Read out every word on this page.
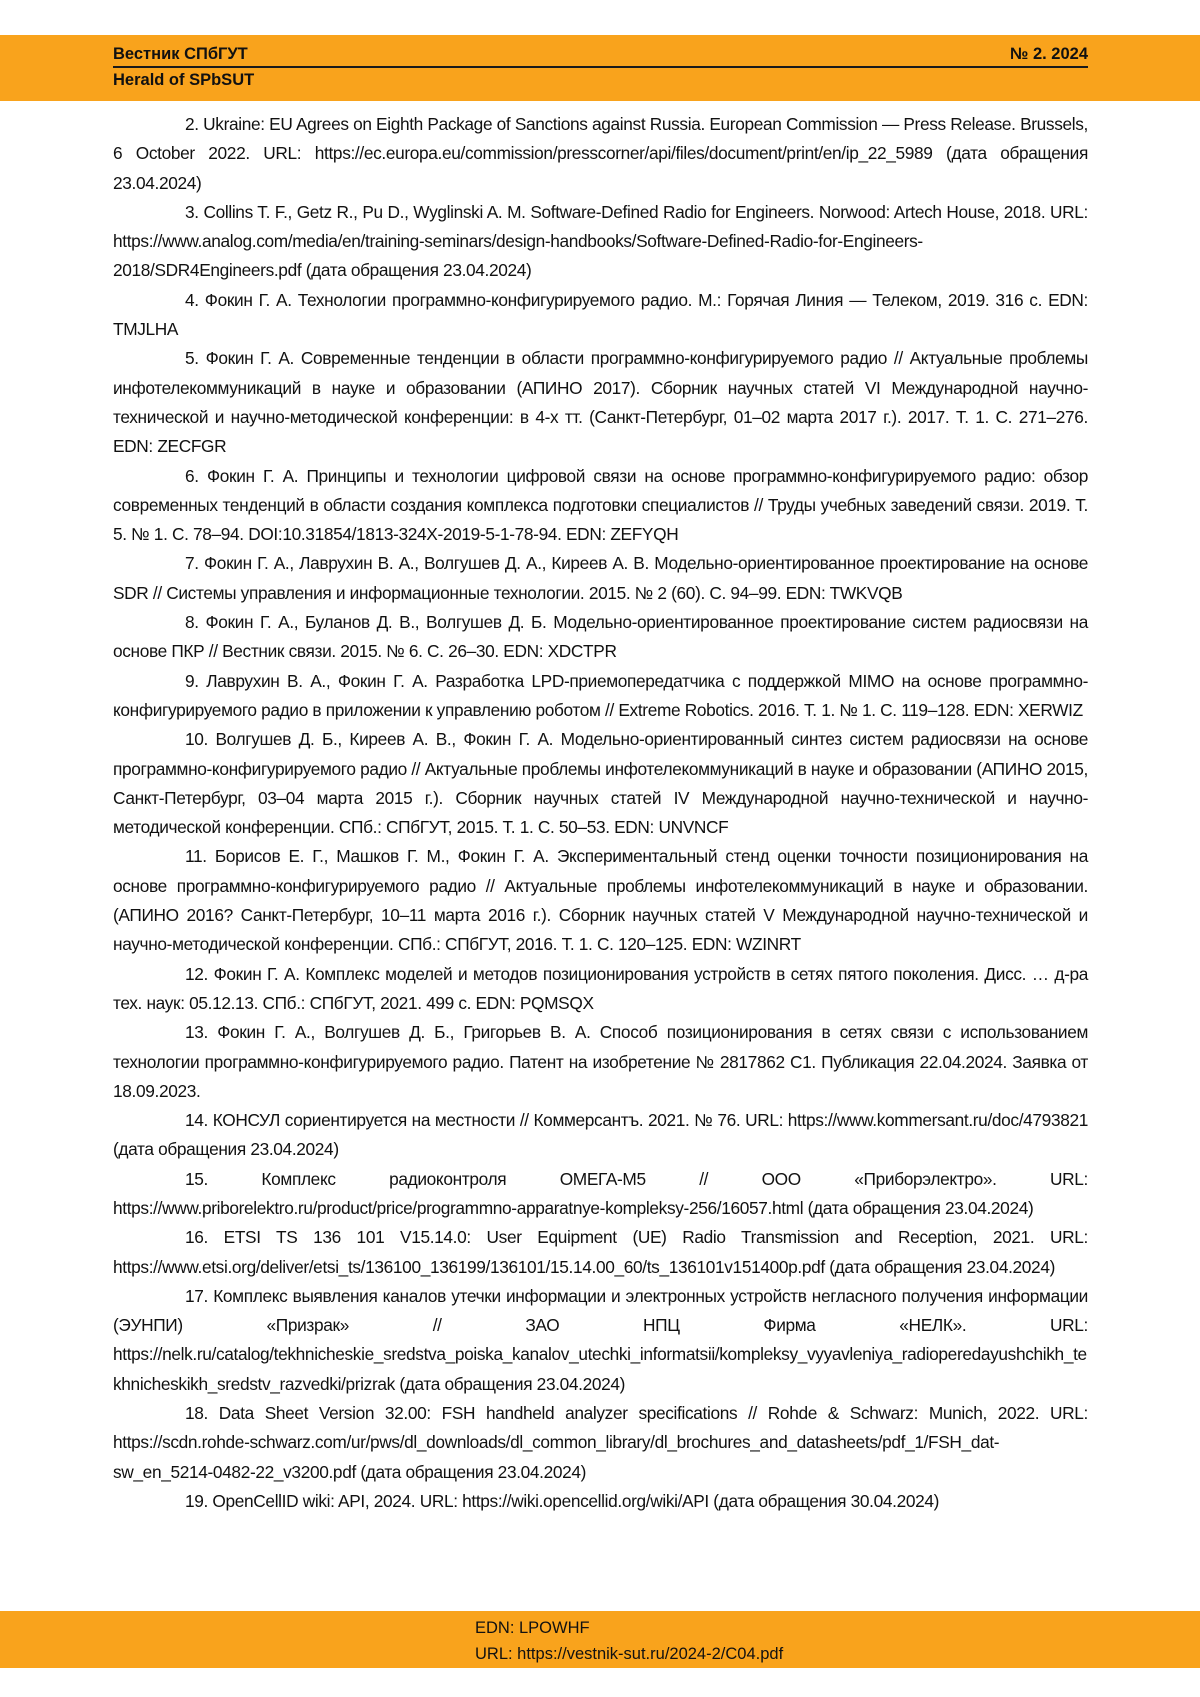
Вестник СПбГУТ	№ 2. 2024
Herald of SPbSUT

2. Ukraine: EU Agrees on Eighth Package of Sanctions against Russia. European Commission — Press Release. Brussels, 6 October 2022. URL: https://ec.europa.eu/commission/presscorner/api/files/document/print/en/ip_22_5989 (дата обращения 23.04.2024)

3. Collins T. F., Getz R., Pu D., Wyglinski A. M. Software-Defined Radio for Engineers. Norwood: Artech House, 2018. URL: https://www.analog.com/media/en/training-seminars/design-handbooks/Software-Defined-Radio-for-Engineers-2018/SDR4Engineers.pdf (дата обращения 23.04.2024)

4. Фокин Г. А. Технологии программно-конфигурируемого радио. М.: Горячая Линия — Телеком, 2019. 316 с. EDN: TMJLHA

5. Фокин Г. А. Современные тенденции в области программно-конфигурируемого радио // Актуальные проблемы инфотелекоммуникаций в науке и образовании (АПИНО 2017). Сборник научных статей VI Международной научно-технической и научно-методической конференции: в 4-х тт. (Санкт-Петербург, 01–02 марта 2017 г.). 2017. Т. 1. С. 271–276. EDN: ZECFGR

6. Фокин Г. А. Принципы и технологии цифровой связи на основе программно-конфигурируемого радио: обзор современных тенденций в области создания комплекса подготовки специалистов // Труды учебных заведений связи. 2019. Т. 5. № 1. С. 78–94. DOI:10.31854/1813-324X-2019-5-1-78-94. EDN: ZEFYQH

7. Фокин Г. А., Лаврухин В. А., Волгушев Д. А., Киреев А. В. Модельно-ориентированное проектирование на основе SDR // Системы управления и информационные технологии. 2015. № 2 (60). С. 94–99. EDN: TWKVQB

8. Фокин Г. А., Буланов Д. В., Волгушев Д. Б. Модельно-ориентированное проектирование систем радиосвязи на основе ПКР // Вестник связи. 2015. № 6. С. 26–30. EDN: XDCTPR

9. Лаврухин В. А., Фокин Г. А. Разработка LPD-приемопередатчика с поддержкой MIMO на основе программно-конфигурируемого радио в приложении к управлению роботом // Extreme Robotics. 2016. Т. 1. № 1. С. 119–128. EDN: XERWIZ

10. Волгушев Д. Б., Киреев А. В., Фокин Г. А. Модельно-ориентированный синтез систем радиосвязи на основе программно-конфигурируемого радио // Актуальные проблемы инфотелекоммуникаций в науке и образовании (АПИНО 2015, Санкт-Петербург, 03–04 марта 2015 г.). Сборник научных статей IV Международной научно-технической и научно-методической конференции. СПб.: СПбГУТ, 2015. Т. 1. С. 50–53. EDN: UNVNCF

11. Борисов Е. Г., Машков Г. М., Фокин Г. А. Экспериментальный стенд оценки точности позиционирования на основе программно-конфигурируемого радио // Актуальные проблемы инфотелекоммуникаций в науке и образовании. (АПИНО 2016? Санкт-Петербург, 10–11 марта 2016 г.). Сборник научных статей V Международной научно-технической и научно-методической конференции. СПб.: СПбГУТ, 2016. Т. 1. С. 120–125. EDN: WZINRT

12. Фокин Г. А. Комплекс моделей и методов позиционирования устройств в сетях пятого поколения. Дисс. … д-ра тех. наук: 05.12.13. СПб.: СПбГУТ, 2021. 499 с. EDN: PQMSQX

13. Фокин Г. А., Волгушев Д. Б., Григорьев В. А. Способ позиционирования в сетях связи с использованием технологии программно-конфигурируемого радио. Патент на изобретение № 2817862 C1. Публикация 22.04.2024. Заявка от 18.09.2023.

14. КОНСУЛ сориентируется на местности // Коммерсантъ. 2021. № 76. URL: https://www.kommersant.ru/doc/4793821 (дата обращения 23.04.2024)

15. Комплекс радиоконтроля ОМЕГА-М5 // ООО «Приборэлектро». URL: https://www.priborelektro.ru/product/price/programmno-apparatnye-kompleksy-256/16057.html (дата обращения 23.04.2024)

16. ETSI TS 136 101 V15.14.0: User Equipment (UE) Radio Transmission and Reception, 2021. URL: https://www.etsi.org/deliver/etsi_ts/136100_136199/136101/15.14.00_60/ts_136101v151400p.pdf (дата обращения 23.04.2024)

17. Комплекс выявления каналов утечки информации и электронных устройств негласного получения информации (ЭУНПИ) «Призрак» // ЗАО НПЦ Фирма «НЕЛК». URL: https://nelk.ru/catalog/tekhnicheskie_sredstva_poiska_kanalov_utechki_informatsii/kompleksy_vyyavleniya_radioperedayushchikh_tekhnicheskikh_sredstv_razvedki/prizrak (дата обращения 23.04.2024)

18. Data Sheet Version 32.00: FSH handheld analyzer specifications // Rohde & Schwarz: Munich, 2022. URL: https://scdn.rohde-schwarz.com/ur/pws/dl_downloads/dl_common_library/dl_brochures_and_datasheets/pdf_1/FSH_dat-sw_en_5214-0482-22_v3200.pdf (дата обращения 23.04.2024)

19. OpenCellID wiki: API, 2024. URL: https://wiki.opencellid.org/wiki/API (дата обращения 30.04.2024)

EDN: LPOWHF
URL: https://vestnik-sut.ru/2024-2/C04.pdf
